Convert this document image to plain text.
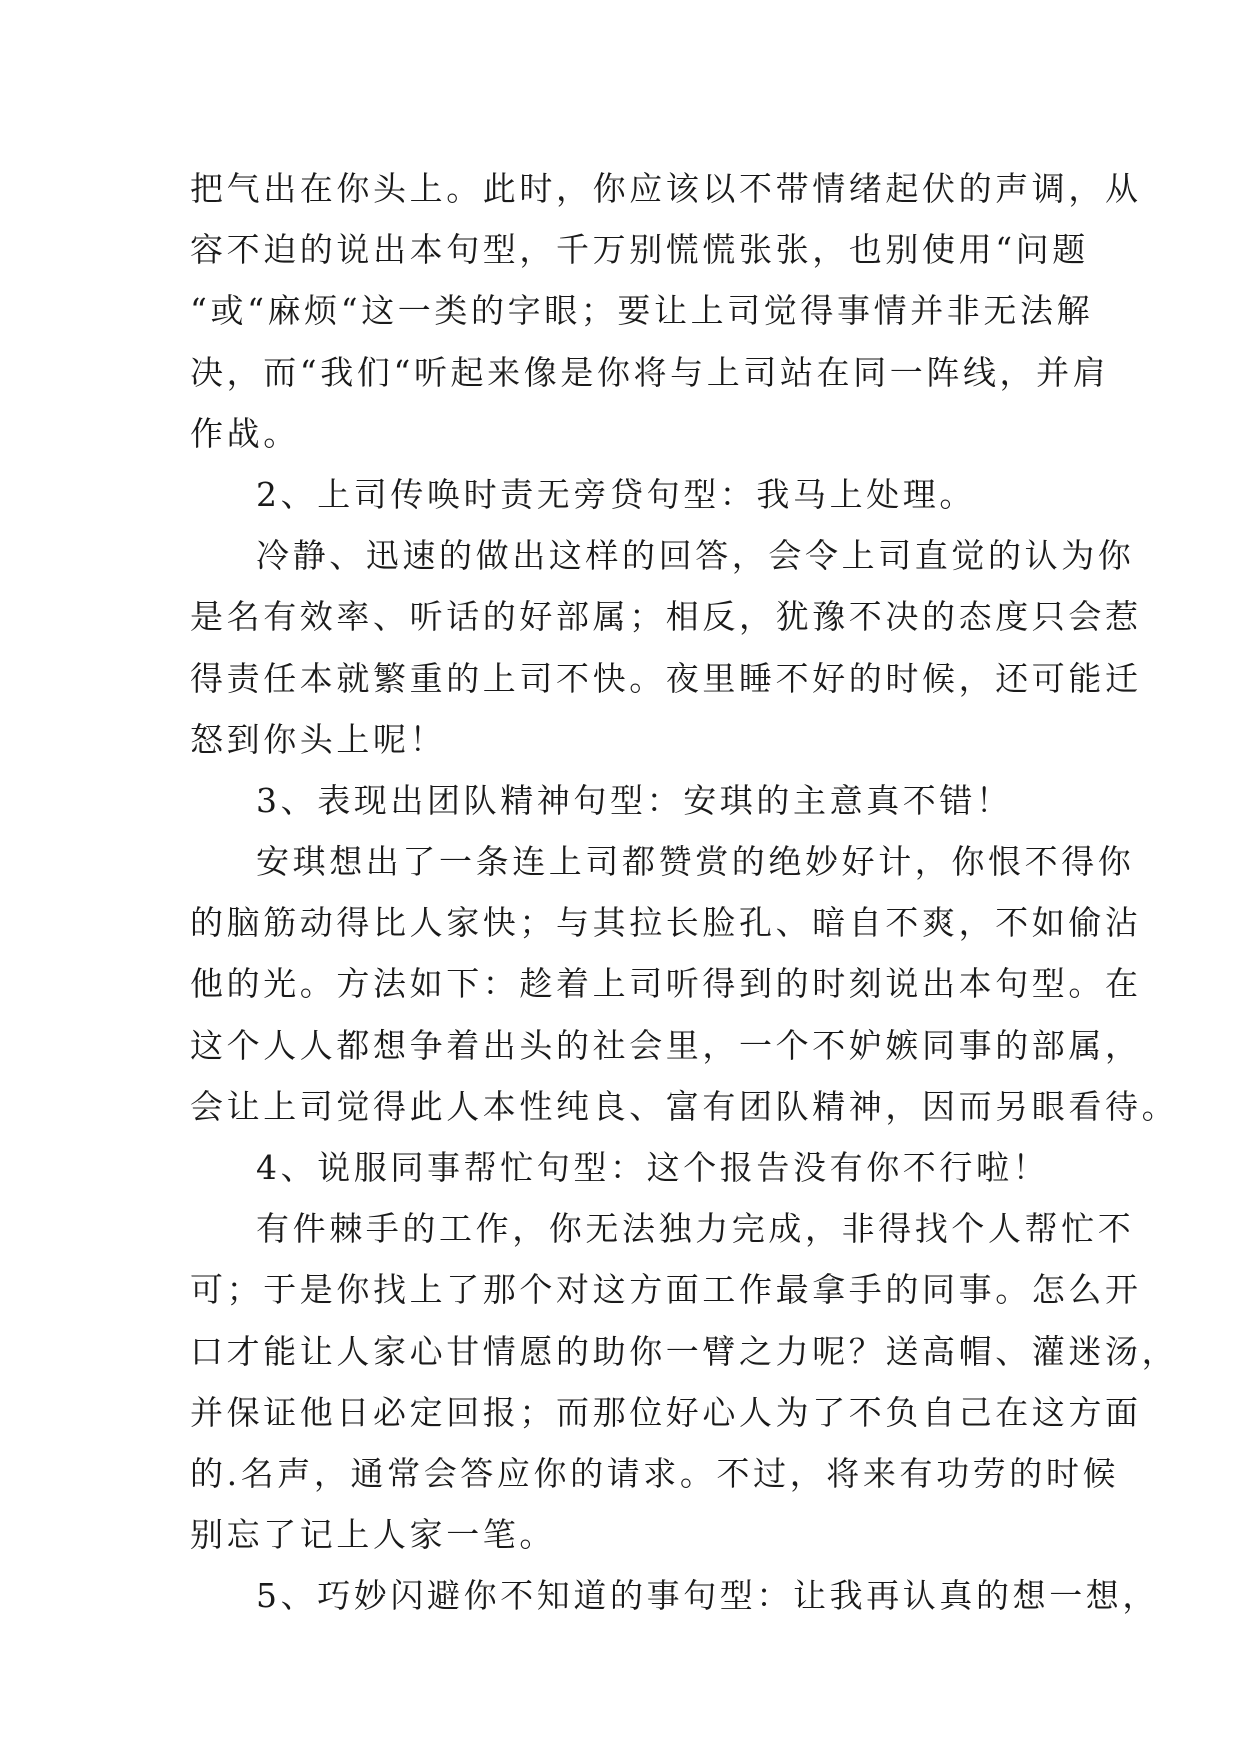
把气出在你头上。此时，你应该以不带情绪起伏的声调，从
容不迫的说出本句型，千万别慌慌张张，也别使用“问题
“或“麻烦“这一类的字眼；要让上司觉得事情并非无法解
决，而“我们“听起来像是你将与上司站在同一阵线，并肩
作战。
2、上司传唤时责无旁贷句型：我马上处理。
冷静、迅速的做出这样的回答，会令上司直觉的认为你
是名有效率、听话的好部属；相反，犹豫不决的态度只会惹
得责任本就繁重的上司不快。夜里睡不好的时候，还可能迁
怒到你头上呢！
3、表现出团队精神句型：安琪的主意真不错！
安琪想出了一条连上司都赞赏的绝妙好计，你恨不得你
的脑筋动得比人家快；与其拉长脸孔、暗自不爽，不如偷沾
他的光。方法如下：趁着上司听得到的时刻说出本句型。在
这个人人都想争着出头的社会里，一个不妒嫉同事的部属，
会让上司觉得此人本性纯良、富有团队精神，因而另眼看待。
4、说服同事帮忙句型：这个报告没有你不行啦！
有件棘手的工作，你无法独力完成，非得找个人帮忙不
可；于是你找上了那个对这方面工作最拿手的同事。怎么开
口才能让人家心甘情愿的助你一臂之力呢？送高帽、灌迷汤，
并保证他日必定回报；而那位好心人为了不负自己在这方面
的.名声，通常会答应你的请求。不过，将来有功劳的时候
别忘了记上人家一笔。
5、巧妙闪避你不知道的事句型：让我再认真的想一想，
